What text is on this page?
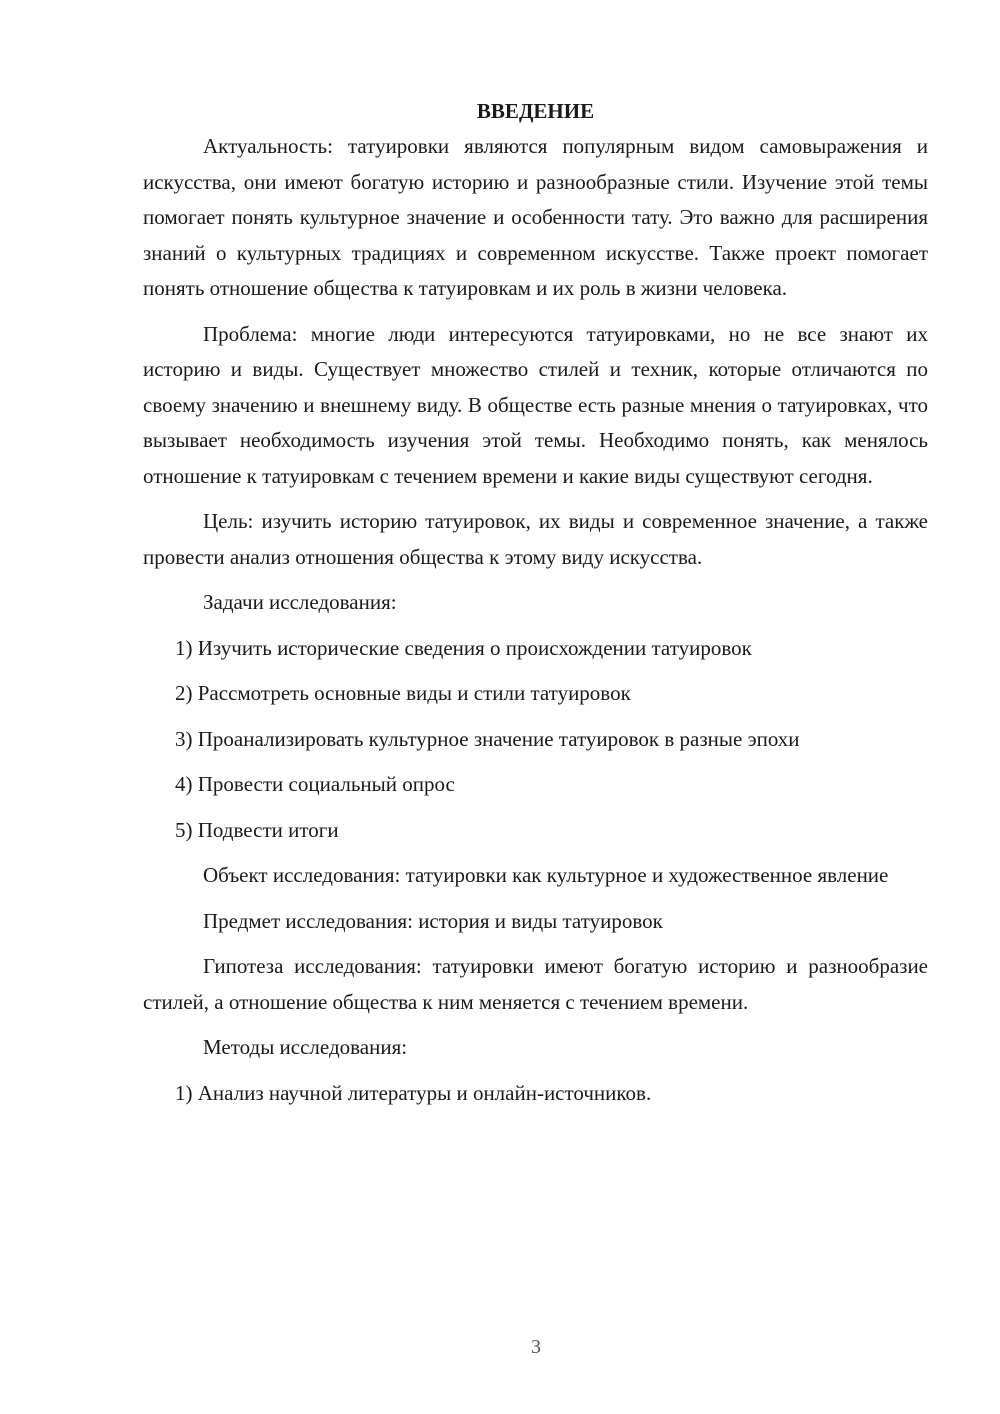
ВВЕДЕНИЕ

Актуальность: татуировки являются популярным видом самовыражения и искусства, они имеют богатую историю и разнообразные стили. Изучение этой темы помогает понять культурное значение и особенности тату. Это важно для расширения знаний о культурных традициях и современном искусстве. Также проект помогает понять отношение общества к татуировкам и их роль в жизни человека.

Проблема: многие люди интересуются татуировками, но не все знают их историю и виды. Существует множество стилей и техник, которые отличаются по своему значению и внешнему виду. В обществе есть разные мнения о татуировках, что вызывает необходимость изучения этой темы. Необходимо понять, как менялось отношение к татуировкам с течением времени и какие виды существуют сегодня.

Цель: изучить историю татуировок, их виды и современное значение, а также провести анализ отношения общества к этому виду искусства.

Задачи исследования:

1) Изучить исторические сведения о происхождении татуировок

2) Рассмотреть основные виды и стили татуировок

3) Проанализировать культурное значение татуировок в разные эпохи

4) Провести социальный опрос

5) Подвести итоги

Объект исследования: татуировки как культурное и художественное явление

Предмет исследования: история и виды татуировок

Гипотеза исследования: татуировки имеют богатую историю и разнообразие стилей, а отношение общества к ним меняется с течением времени.

Методы исследования:

1) Анализ научной литературы и онлайн-источников.

3
